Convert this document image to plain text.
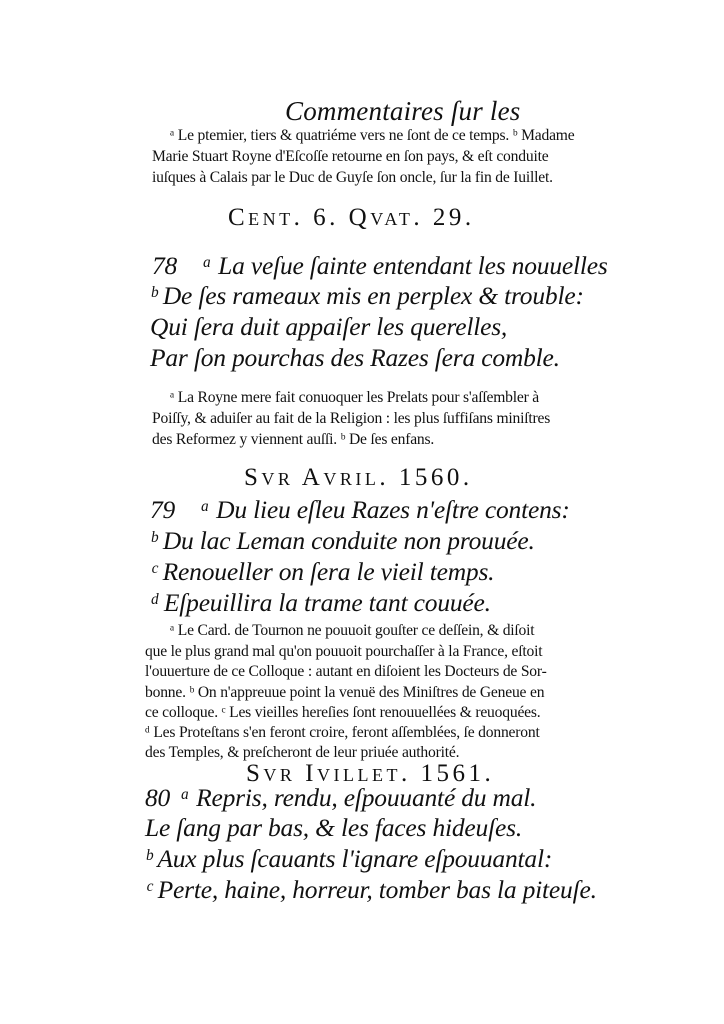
Commentaires ſur les
ᵃ Le ptemier, tiers & quatriéme vers ne ſont de ce temps. ᵇ Madame
Marie Stuart Royne d'Eſcoſſe retourne en ſon pays, & eſt conduite
iuſques à Calais par le Duc de Guyſe ſon oncle, ſur la fin de Iuillet.
Cent. 6. Qvat. 29.
78 ᵃ La veſue ſainte entendant les nouuelles
ᵇ De ſes rameaux mis en perplex & trouble:
Qui ſera duit appaiſer les querelles,
Par ſon pourchas des Razes ſera comble.
ᵃ La Royne mere fait conuoquer les Prelats pour s'aſſembler à
Poiſſy, & aduiſer au fait de la Religion : les plus ſuffiſans miniſtres
des Reformez y viennent auſſi. ᵇ De ſes enfans.
Svr Avril. 1560.
79 ᵃ Du lieu eſleu Razes n'eſtre contens:
ᵇ Du lac Leman conduite non prouuée.
ᶜ Renoueller on ſera le vieil temps.
ᵈ Eſpeuillira la trame tant couuée.
ᵃ Le Card. de Tournon ne pouuoit gouſter ce deſſein, & diſoit
que le plus grand mal qu'on pouuoit pourchaſſer à la France, eſtoit
l'ouuerture de ce Colloque : autant en diſoient les Docteurs de Sor-
bonne. ᵇ On n'appreuue point la venuë des Miniſtres de Geneue en
ce colloque. ᶜ Les vieilles hereſies ſont renouuellées & reuoquées.
ᵈ Les Proteſtans s'en feront croire, feront aſſemblées, ſe donneront
des Temples, & preſcheront de leur priuée authorité.
Svr Ivillet. 1561.
80 ᵃ Repris, rendu, eſpouuanté du mal.
Le ſang par bas, & les faces hideuſes.
ᵇ Aux plus ſcauants l'ignare eſpouuantal:
ᶜ Perte, haine, horreur, tomber bas la piteuſe.
